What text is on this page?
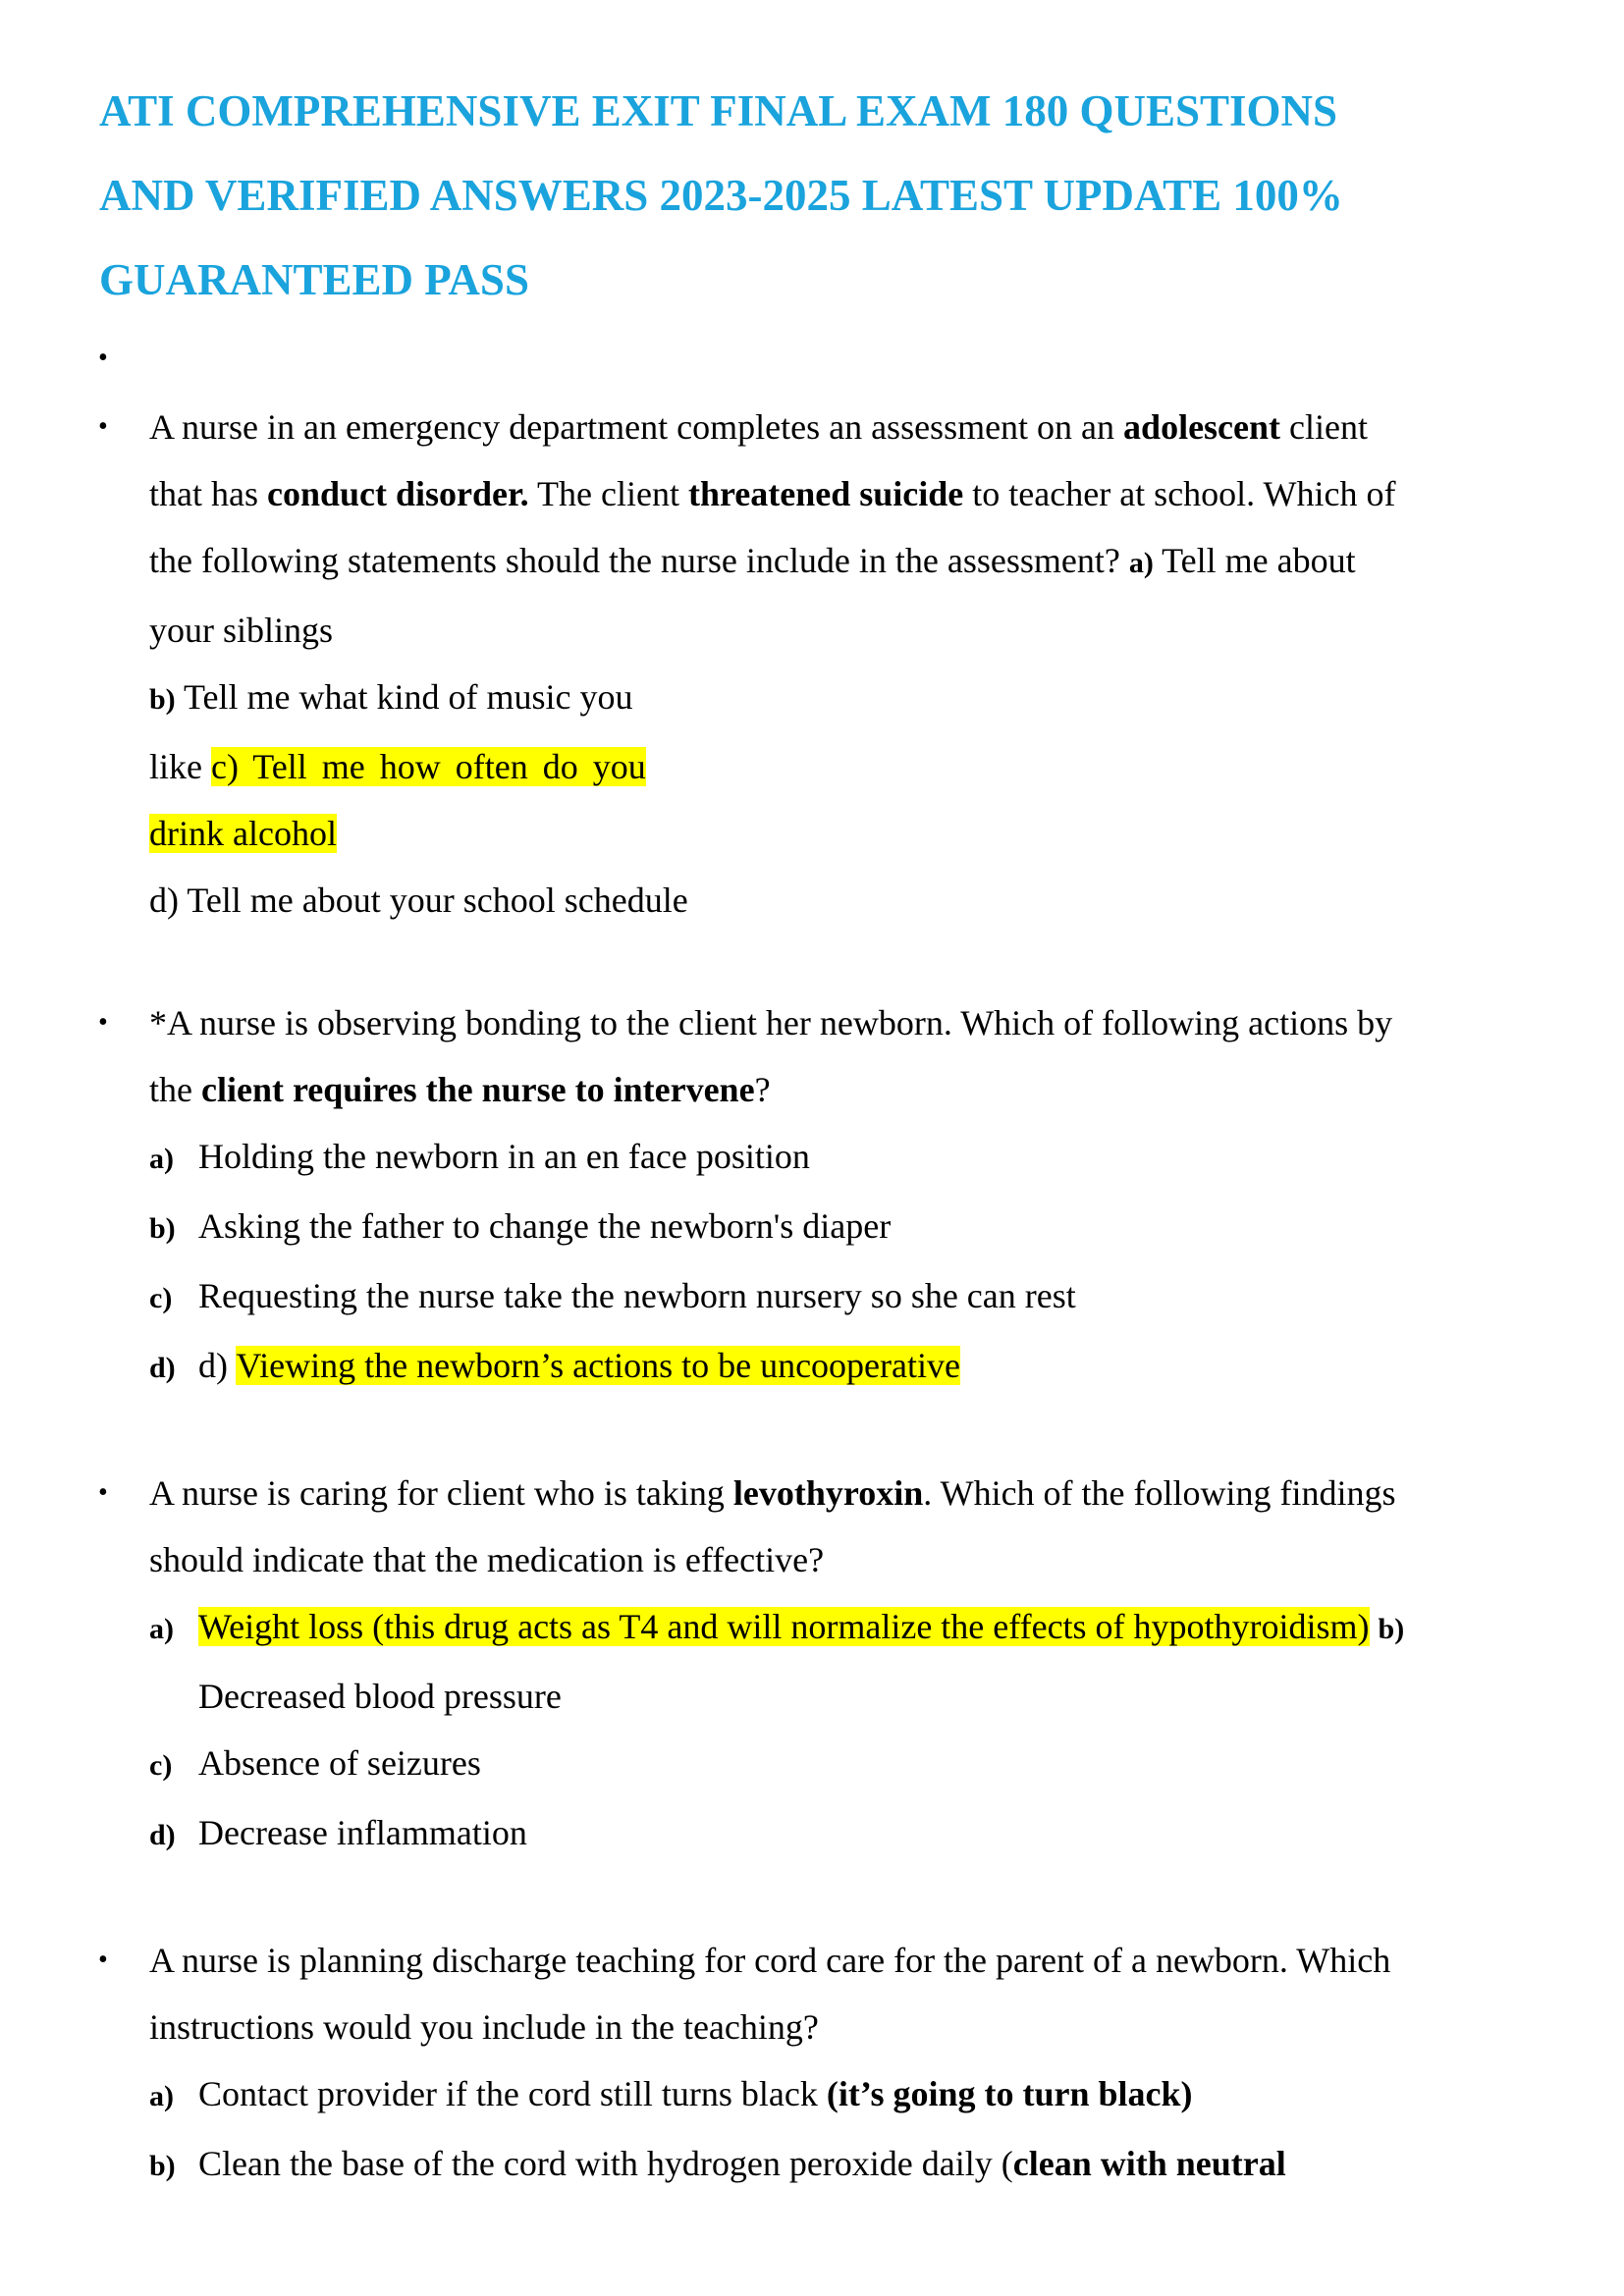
ATI COMPREHENSIVE EXIT FINAL EXAM 180 QUESTIONS
AND VERIFIED ANSWERS 2023-2025 LATEST UPDATE 100%
GUARANTEED PASS
•

• A nurse in an emergency department completes an assessment on an adolescent client
that has conduct disorder. The client threatened suicide to teacher at school. Which of
the following statements should the nurse include in the assessment? a) Tell me about
your siblings
b) Tell me what kind of music you
like c) Tell me how often do you
drink alcohol
d) Tell me about your school schedule
• *A nurse is observing bonding to the client her newborn. Which of following actions by
the client requires the nurse to intervene?
a) Holding the newborn in an en face position
b) Asking the father to change the newborn's diaper
c) Requesting the nurse take the newborn nursery so she can rest
d) d) Viewing the newborn’s actions to be uncooperative
• A nurse is caring for client who is taking levothyroxin. Which of the following findings
should indicate that the medication is effective?
a) Weight loss (this drug acts as T4 and will normalize the effects of hypothyroidism) b)
Decreased blood pressure
c) Absence of seizures
d) Decrease inflammation
• A nurse is planning discharge teaching for cord care for the parent of a newborn. Which
instructions would you include in the teaching?
a) Contact provider if the cord still turns black (it’s going to turn black)
b) Clean the base of the cord with hydrogen peroxide daily (clean with neutral
